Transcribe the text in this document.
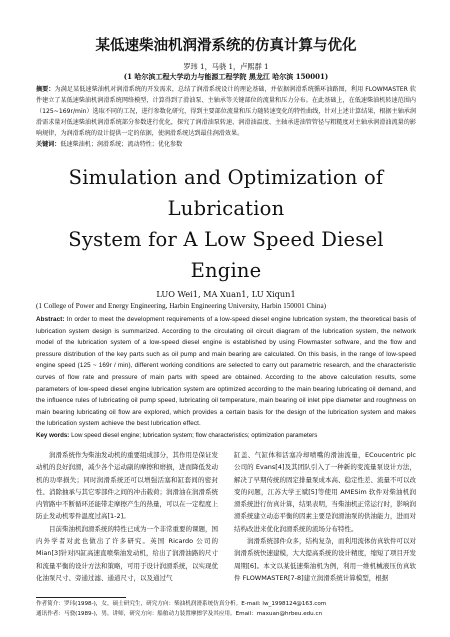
某低速柴油机润滑系统的仿真计算与优化
罗玮 1，马骁 1，卢熙群 1
(1 哈尔滨工程大学动力与能源工程学院 黑龙江 哈尔滨 150001)
摘要：为满足某低速柴油机对润滑系统的开发需求，总结了润滑系统设计的理论基础，并依据润滑系统循环油路图，利用 FLOWMASTER 软件建立了某低速柴油机润滑系统网络模型，计算得到了滑油泵、主轴承等关键部位的流量和压力分布。在此基础上，在低速柴油机转速范围内（125~169r/min）选取不同的工况，进行参数化研究，得到主要部位流量和压力随转速变化的特性曲线，针对上述计算结果，根据主轴承润滑需求量对低速柴油机润滑系统部分参数进行优化，探究了润滑油泵转速、润滑油温度、主轴承进油管管径与粗糙度对主轴承润滑油流量的影响规律，为润滑系统的设计提供一定的依据，使润滑系统达到最佳润滑效果。
关键词：低速柴油机；润滑系统；流动特性；优化参数
Simulation and Optimization of Lubrication
System for A Low Speed Diesel Engine
LUO Wei1, MA Xuan1, LU Xiqun1
(1 College of Power and Energy Engineering, Harbin Engineering University, Harbin 150001 China)
Abstract: In order to meet the development requirements of a low-speed diesel engine lubrication system, the theoretical basis of lubrication system design is summarized. According to the circulating oil circuit diagram of the lubrication system, the network model of the lubrication system of a low-speed diesel engine is established by using Flowmaster software, and the flow and pressure distribution of the key parts such as oil pump and main bearing are calculated. On this basis, in the range of low-speed engine speed (125 ~ 169r / min), different working conditions are selected to carry out parametric research, and the characteristic curves of flow rate and pressure of main parts with speed are obtained. According to the above calculation results, some parameters of low-speed diesel engine lubrication system are optimized according to the main bearing lubricating oil demand, and the influence rules of lubricating oil pump speed, lubricating oil temperature, main bearing oil inlet pipe diameter and roughness on main bearing lubricating oil flow are explored, which provides a certain basis for the design of the lubrication system and makes the lubrication system achieve the best lubrication effect.
Key words: Low speed diesel engine; lubrication system; flow characteristics; optimization parameters

润滑系统作为柴油发动机的重要组成部分，其作用是保证发动机的良好润滑，减少各个运动副的摩擦和磨损，进而降低发动机的功率损失；同时润滑系统还可以增强活塞和缸套间的密封性、消除抽承与其它零部件之间的冲击载荷；润滑油在润滑系统内管路中不断循环还能带走摩擦产生的热量，可以在一定程度上防止发动机零件温度过高[1-2]。

目前柴油机润滑系统的特性已成为一个非常重要的课题，国内外学者对此也做出了许多研究。英国 Ricardo 公司的 Mian[3]针对四缸高速直喷柴油发动机，给出了润滑油路的尺寸和流量平衡的设计方法和策略，可用于设计润滑系统，以实现优化油泵尺寸、旁通过滤、通道尺寸，以及通过气

缸盖、气缸体和活塞冷却喷嘴的滑油流量，ECoucentric plc 公司的 Evans[4]及其团队引入了一种新的变流量泵设计方法，解决了早期传统的固定排量泵成本高、稳定性差、流量不可以改变的问题，江苏大学王斌[5]等使用 AMESim 软件对柴油机润滑系统进行仿真计算，结果表明，当柴油机正常运行时，影响润滑系统建立动态平衡的因素主要是润滑油泵的供油能力，进而对结构改进来优化润滑系统的流场分布特性。

润滑系统部件众多，结构复杂，而利用流体仿真软件可以对润滑系统快速建模，大大提高系统的设计精度，缩短了项目开发周期[6]。本文以某低速柴油机为例，利用一维机械液压仿真软件 FLOWMASTER[7-8]建立润滑系统计算模型，根据

作者简介：罗玮(1998-)，女，硕士研究生，研究方向：柴油机润滑系统仿真分析。E-mail: lw_1998124@163.com
通讯作者：马骁(1989-)，男，讲师，研究方向：船舶动力装置摩擦学及其应用。Email：maxuan@hrbeu.edu.cn
